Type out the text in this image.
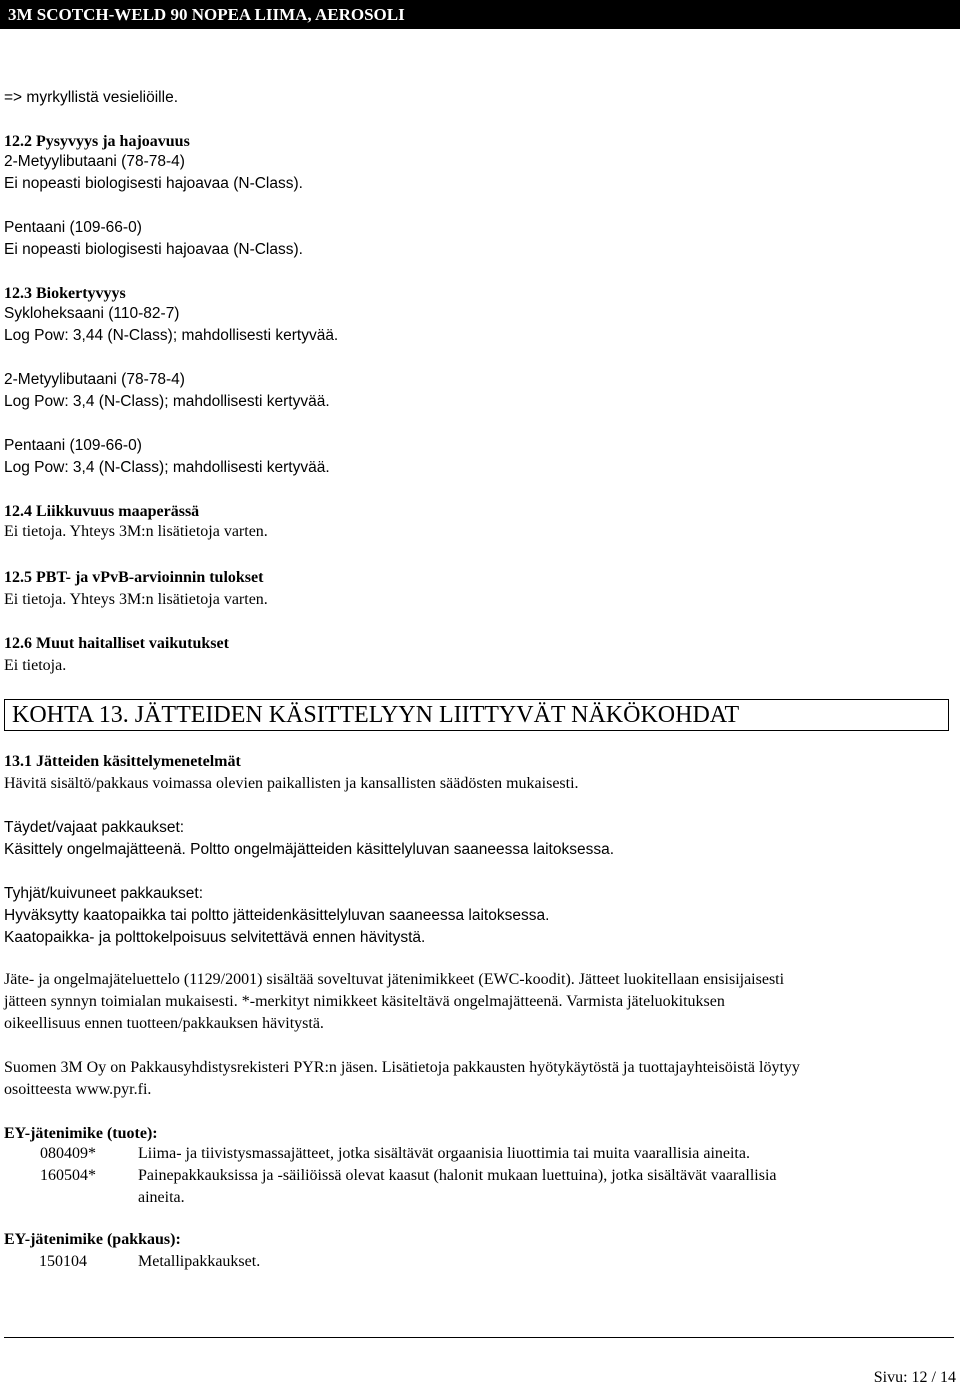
3M SCOTCH-WELD 90 NOPEA LIIMA, AEROSOLI
=> myrkyllistä vesieliöille.
12.2 Pysyvyys ja hajoavuus
2-Metyylibutaani (78-78-4)
Ei nopeasti biologisesti hajoavaa (N-Class).
Pentaani (109-66-0)
Ei nopeasti biologisesti hajoavaa (N-Class).
12.3 Biokertyvyys
Sykloheksaani (110-82-7)
Log Pow: 3,44 (N-Class); mahdollisesti kertyvää.
2-Metyylibutaani (78-78-4)
Log Pow: 3,4 (N-Class); mahdollisesti kertyvää.
Pentaani (109-66-0)
Log Pow: 3,4 (N-Class); mahdollisesti kertyvää.
12.4 Liikkuvuus maaperässä
Ei tietoja. Yhteys 3M:n lisätietoja varten.
12.5 PBT- ja vPvB-arvioinnin tulokset
Ei tietoja. Yhteys 3M:n lisätietoja varten.
12.6 Muut haitalliset vaikutukset
Ei tietoja.
KOHTA 13. JÄTTEIDEN KÄSITTELYYN LIITTYVÄT NÄKÖKOHDAT
13.1 Jätteiden käsittelymenetelmät
Hävitä sisältö/pakkaus voimassa olevien paikallisten ja kansallisten säädösten mukaisesti.
Täydet/vajaat pakkaukset:
Käsittely ongelmajätteenä. Poltto ongelmäjätteiden käsittelyluvan saaneessa laitoksessa.
Tyhjät/kuivuneet pakkaukset:
Hyväksytty kaatopaikka tai poltto jätteidenkäsittelyluvan saaneessa laitoksessa.
Kaatopaikka- ja polttokelpoisuus selvitettävä ennen hävitystä.
Jäte- ja ongelmajäteluettelo (1129/2001) sisältää soveltuvat jätenimikkeet (EWC-koodit). Jätteet luokitellaan ensisijaisesti
jätteen synnyn toimialan mukaisesti. *-merkityt nimikkeet käsiteltävä ongelmajätteenä. Varmista jäteluokituksen
oikeellisuus ennen tuotteen/pakkauksen hävitystä.
Suomen 3M Oy on Pakkausyhdistysrekisteri PYR:n jäsen. Lisätietoja pakkausten hyötykäytöstä ja tuottajayhteisöistä löytyy
osoitteesta www.pyr.fi.
EY-jätenimike (tuote):
080409*	Liima- ja tiivistysmassajätteet, jotka sisältävät orgaanisia liuottimia tai muita vaarallisia aineita.
160504*	Painepakkauksissa ja -säiliöissä olevat kaasut (halonit mukaan luettuina), jotka sisältävät vaarallisia
aineita.
EY-jätenimike (pakkaus):
150104	Metallipakkaukset.
Sivu: 12 / 14
